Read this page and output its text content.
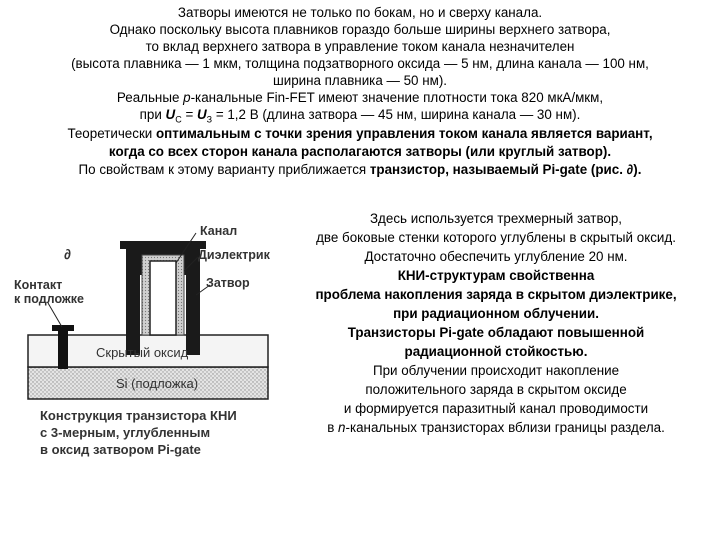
Затворы имеются не только по бокам, но и сверху канала.
Однако поскольку высота плавников гораздо больше ширины верхнего затвора,
то вклад верхнего затвора в управление током канала незначителен
(высота плавника — 1 мкм, толщина подзатворного оксида — 5 нм, длина канала — 100 нм,
ширина плавника — 50 нм).
Реальные p-канальные Fin-FET имеют значение плотности тока 820 мкА/мкм,
при $U_С = U_З = 1,2$ В (длина затвора — 45 нм, ширина канала — 30 нм).
Теоретически оптимальным с точки зрения управления током канала является вариант,
когда со всех сторон канала располагаются затворы (или круглый затвор).
По свойствам к этому варианту приближается транзистор, называемый Pi-gate (рис. ∂).
Здесь используется трехмерный затвор,
две боковые стенки которого углублены в скрытый оксид.
Достаточно обеспечить углубление 20 нм.
КНИ-структурам свойственна
проблема накопления заряда в скрытом диэлектрике,
при радиационном облучении.
Транзисторы Pi-gate обладают повышенной
радиационной стойкостью.
При облучении происходит накопление
положительного заряда в скрытом оксиде
и формируется паразитный канал проводимости
в n-канальных транзисторах вблизи границы раздела.
Канал
Диэлектрик
Затвор
∂
Контакт
к подложке
Скрытый оксид
Si (подложка)
Конструкция транзистора КНИ
с 3-мерным, углубленным
в оксид затвором Pi-gate
